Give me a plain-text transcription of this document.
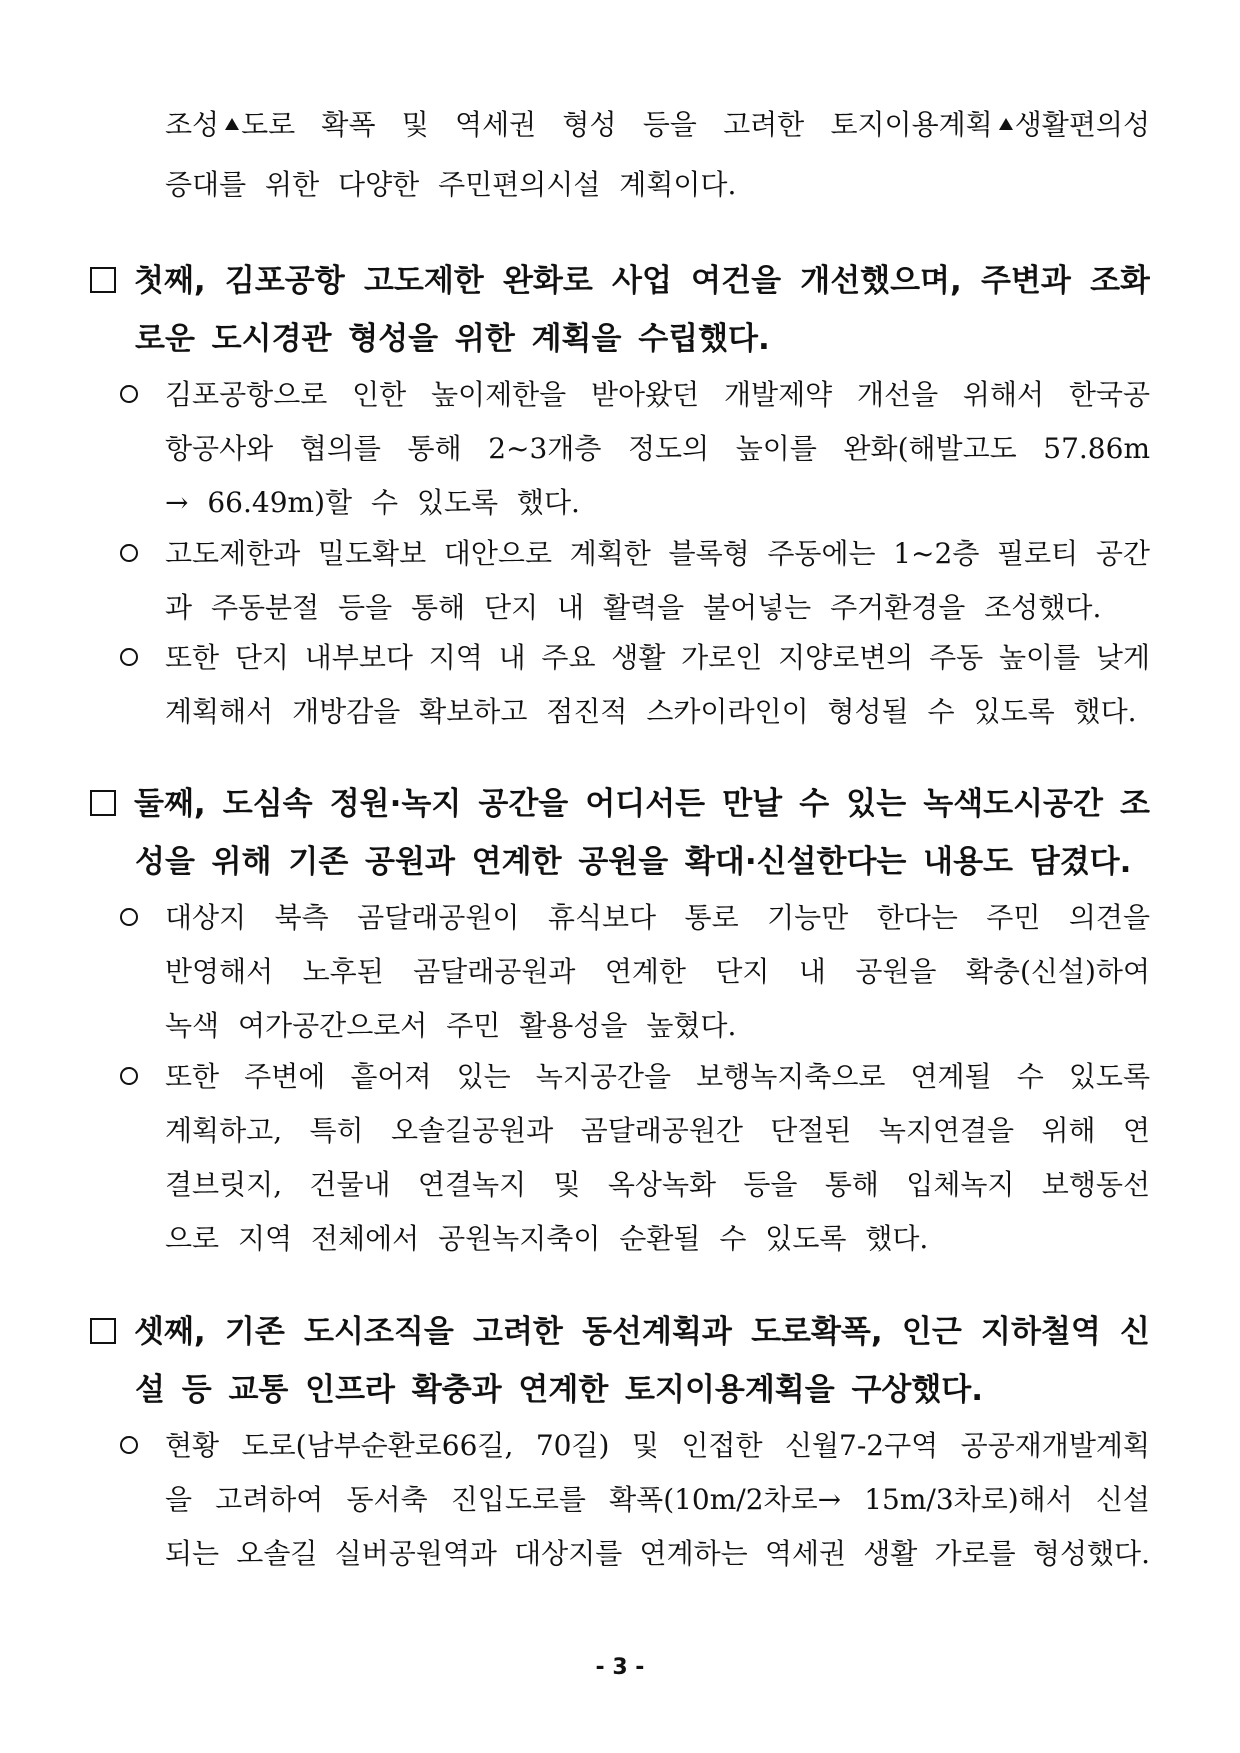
조성 도로 확폭 및 역세권 형성 등을 고려한 토지이용계획 생활편의성
증대를 위한 다양한 주민편의시설 계획이다.
첫째, 김포공항 고도제한 완화로 사업 여건을 개선했으며, 주변과 조화
로운 도시경관 형성을 위한 계획을 수립했다.
김포공항으로 인한 높이제한을 받아왔던 개발제약 개선을 위해서 한국공
항공사와 협의를 통해 2~3개층 정도의 높이를 완화(해발고도 57.86m
→ 66.49m)할 수 있도록 했다.
고도제한과 밀도확보 대안으로 계획한 블록형 주동에는 1~2층 필로티 공간
과 주동분절 등을 통해 단지 내 활력을 불어넣는 주거환경을 조성했다.
또한 단지 내부보다 지역 내 주요 생활 가로인 지양로변의 주동 높이를 낮게
계획해서 개방감을 확보하고 점진적 스카이라인이 형성될 수 있도록 했다.
둘째, 도심속 정원·녹지 공간을 어디서든 만날 수 있는 녹색도시공간 조
성을 위해 기존 공원과 연계한 공원을 확대·신설한다는 내용도 담겼다.
대상지 북측 곰달래공원이 휴식보다 통로 기능만 한다는 주민 의견을
반영해서 노후된 곰달래공원과 연계한 단지 내 공원을 확충(신설)하여
녹색 여가공간으로서 주민 활용성을 높혔다.
또한 주변에 흩어져 있는 녹지공간을 보행녹지축으로 연계될 수 있도록
계획하고, 특히 오솔길공원과 곰달래공원간 단절된 녹지연결을 위해 연
결브릿지, 건물내 연결녹지 및 옥상녹화 등을 통해 입체녹지 보행동선
으로 지역 전체에서 공원녹지축이 순환될 수 있도록 했다.
셋째, 기존 도시조직을 고려한 동선계획과 도로확폭, 인근 지하철역 신
설 등 교통 인프라 확충과 연계한 토지이용계획을 구상했다.
현황 도로(남부순환로66길, 70길) 및 인접한 신월7-2구역 공공재개발계획
을 고려하여 동서축 진입도로를 확폭(10m/2차로→ 15m/3차로)해서 신설
되는 오솔길 실버공원역과 대상지를 연계하는 역세권 생활 가로를 형성했다.
- 3 -
